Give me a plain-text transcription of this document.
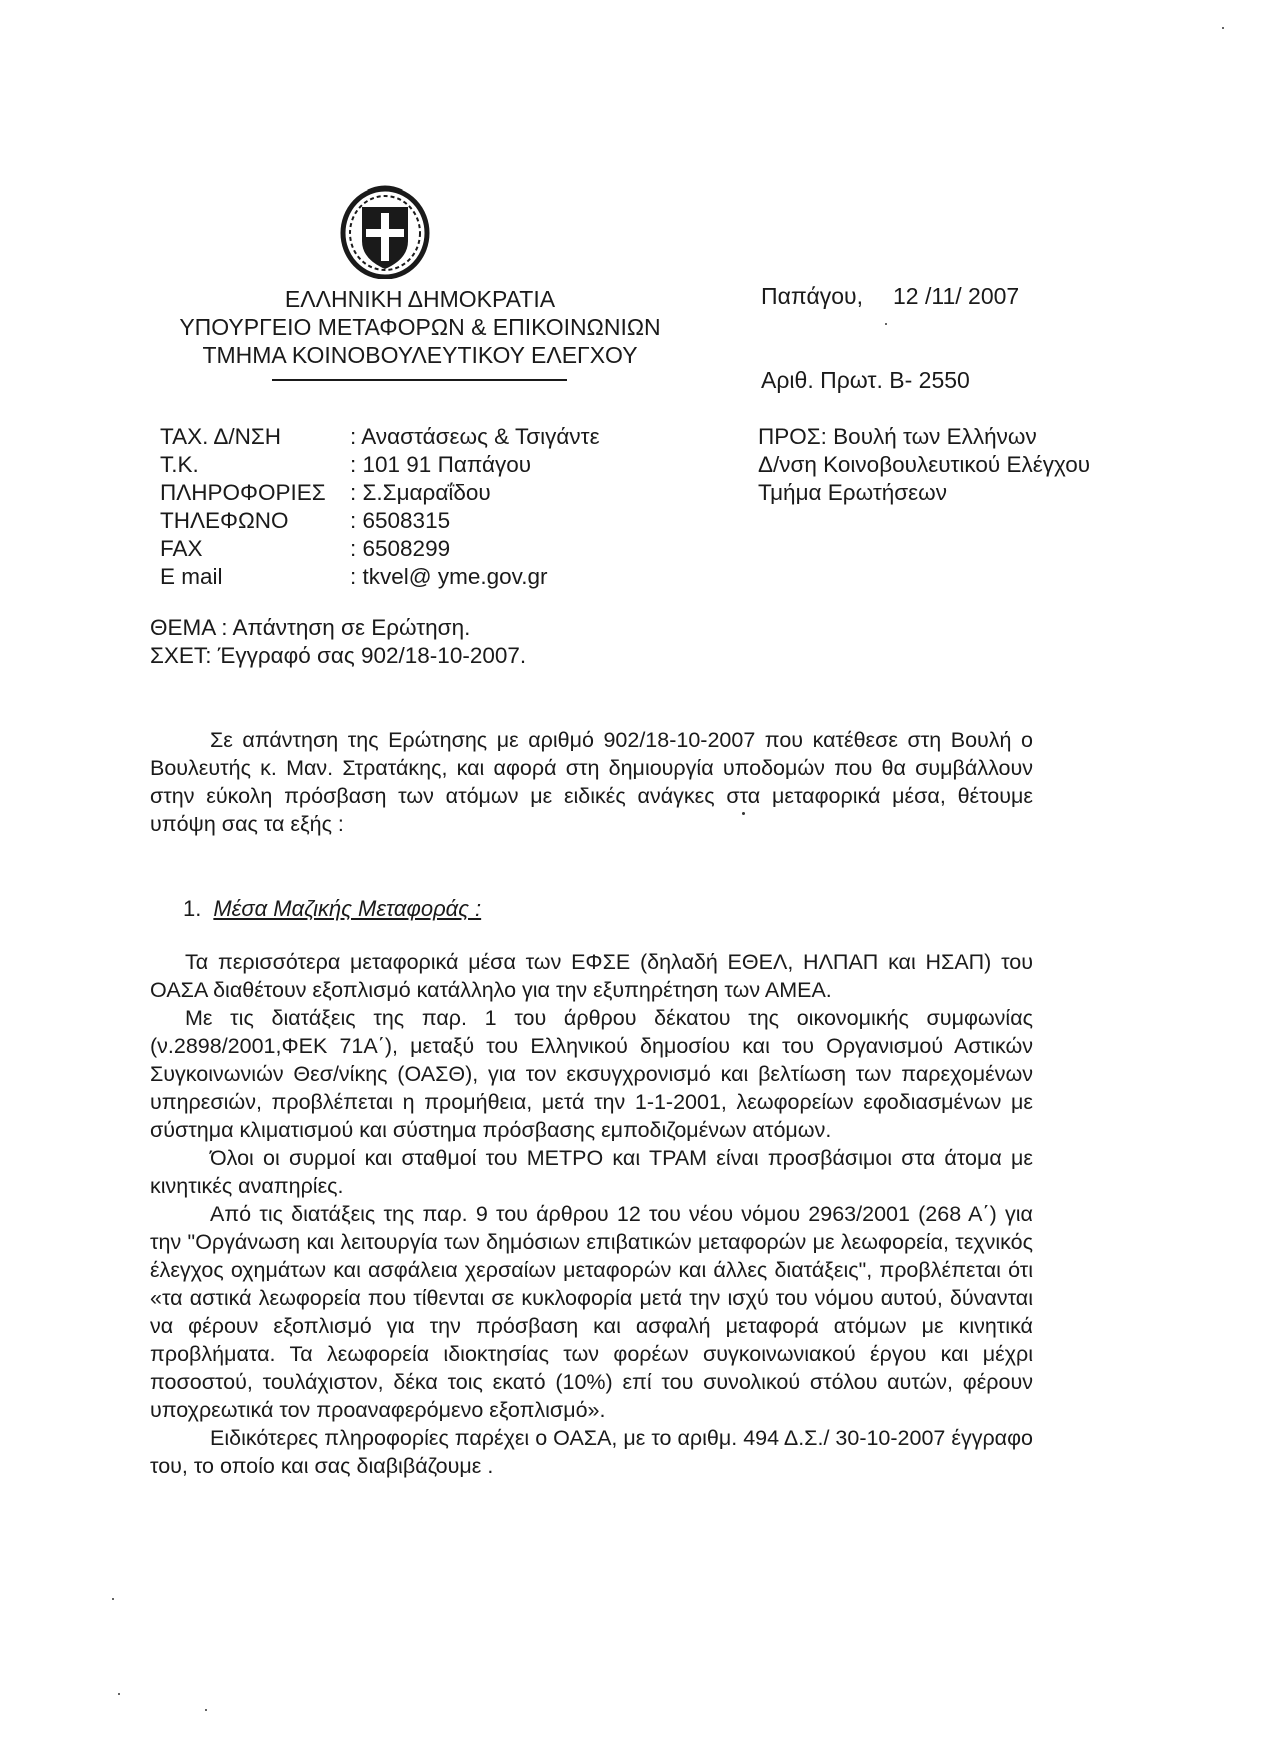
ΕΛΛΗΝΙΚΗ ΔΗΜΟΚΡΑΤΙΑ
ΥΠΟΥΡΓΕΙΟ ΜΕΤΑΦΟΡΩΝ & ΕΠΙΚΟΙΝΩΝΙΩΝ
ΤΜΗΜΑ ΚΟΙΝΟΒΟΥΛΕΥΤΙΚΟΥ ΕΛΕΓΧΟΥ
Παπάγου, 12 /11/ 2007
Αριθ. Πρωτ. Β- 2550
ΠΡΟΣ: Βουλή των Ελλήνων
Δ/νση Κοινοβουλευτικού Ελέγχου
Τμήμα Ερωτήσεων
ΤΑΧ. Δ/ΝΣΗ	: Αναστάσεως & Τσιγάντε
Τ.Κ.	: 101 91 Παπάγου
ΠΛΗΡΟΦΟΡΙΕΣ	: Σ.Σμαραΐδου
ΤΗΛΕΦΩΝΟ	: 6508315
FAX	: 6508299
E mail	: tkvel@ yme.gov.gr
ΘΕΜΑ : Απάντηση σε Ερώτηση.
ΣΧΕΤ: Έγγραφό σας 902/18-10-2007.

Σε απάντηση της Ερώτησης με αριθμό 902/18-10-2007 που κατέθεσε στη Βουλή ο Βουλευτής κ. Μαν. Στρατάκης, και αφορά στη δημιουργία υποδομών που θα συμβάλλουν στην εύκολη πρόσβαση των ατόμων με ειδικές ανάγκες στα μεταφορικά μέσα, θέτουμε υπόψη σας τα εξής :

1. Μέσα Μαζικής Μεταφοράς :

Τα περισσότερα μεταφορικά μέσα των ΕΦΣΕ (δηλαδή ΕΘΕΛ, ΗΛΠΑΠ και ΗΣΑΠ) του ΟΑΣΑ διαθέτουν εξοπλισμό κατάλληλο για την εξυπηρέτηση των ΑΜΕΑ.

Με τις διατάξεις της παρ. 1 του άρθρου δέκατου της οικονομικής συμφωνίας (ν.2898/2001,ΦΕΚ 71Α΄), μεταξύ του Ελληνικού δημοσίου και του Οργανισμού Αστικών Συγκοινωνιών Θεσ/νίκης (ΟΑΣΘ), για τον εκσυγχρονισμό και βελτίωση των παρεχομένων υπηρεσιών, προβλέπεται η προμήθεια, μετά την 1-1-2001, λεωφορείων εφοδιασμένων με σύστημα κλιματισμού και σύστημα πρόσβασης εμποδιζομένων ατόμων.

Όλοι οι συρμοί και σταθμοί του ΜΕΤΡΟ και ΤΡΑΜ είναι προσβάσιμοι στα άτομα με κινητικές αναπηρίες.

Από τις διατάξεις της παρ. 9 του άρθρου 12 του νέου νόμου 2963/2001 (268 Α΄) για την "Οργάνωση και λειτουργία των δημόσιων επιβατικών μεταφορών με λεωφορεία, τεχνικός έλεγχος οχημάτων και ασφάλεια χερσαίων μεταφορών και άλλες διατάξεις", προβλέπεται ότι «τα αστικά λεωφορεία που τίθενται σε κυκλοφορία μετά την ισχύ του νόμου αυτού, δύνανται να φέρουν εξοπλισμό για την πρόσβαση και ασφαλή μεταφορά ατόμων με κινητικά προβλήματα. Τα λεωφορεία ιδιοκτησίας των φορέων συγκοινωνιακού έργου και μέχρι ποσοστού, τουλάχιστον, δέκα τοις εκατό (10%) επί του συνολικού στόλου αυτών, φέρουν υποχρεωτικά τον προαναφερόμενο εξοπλισμό».

Ειδικότερες πληροφορίες παρέχει ο ΟΑΣΑ, με το αριθμ. 494 Δ.Σ./ 30-10-2007 έγγραφο του, το οποίο και σας διαβιβάζουμε .
